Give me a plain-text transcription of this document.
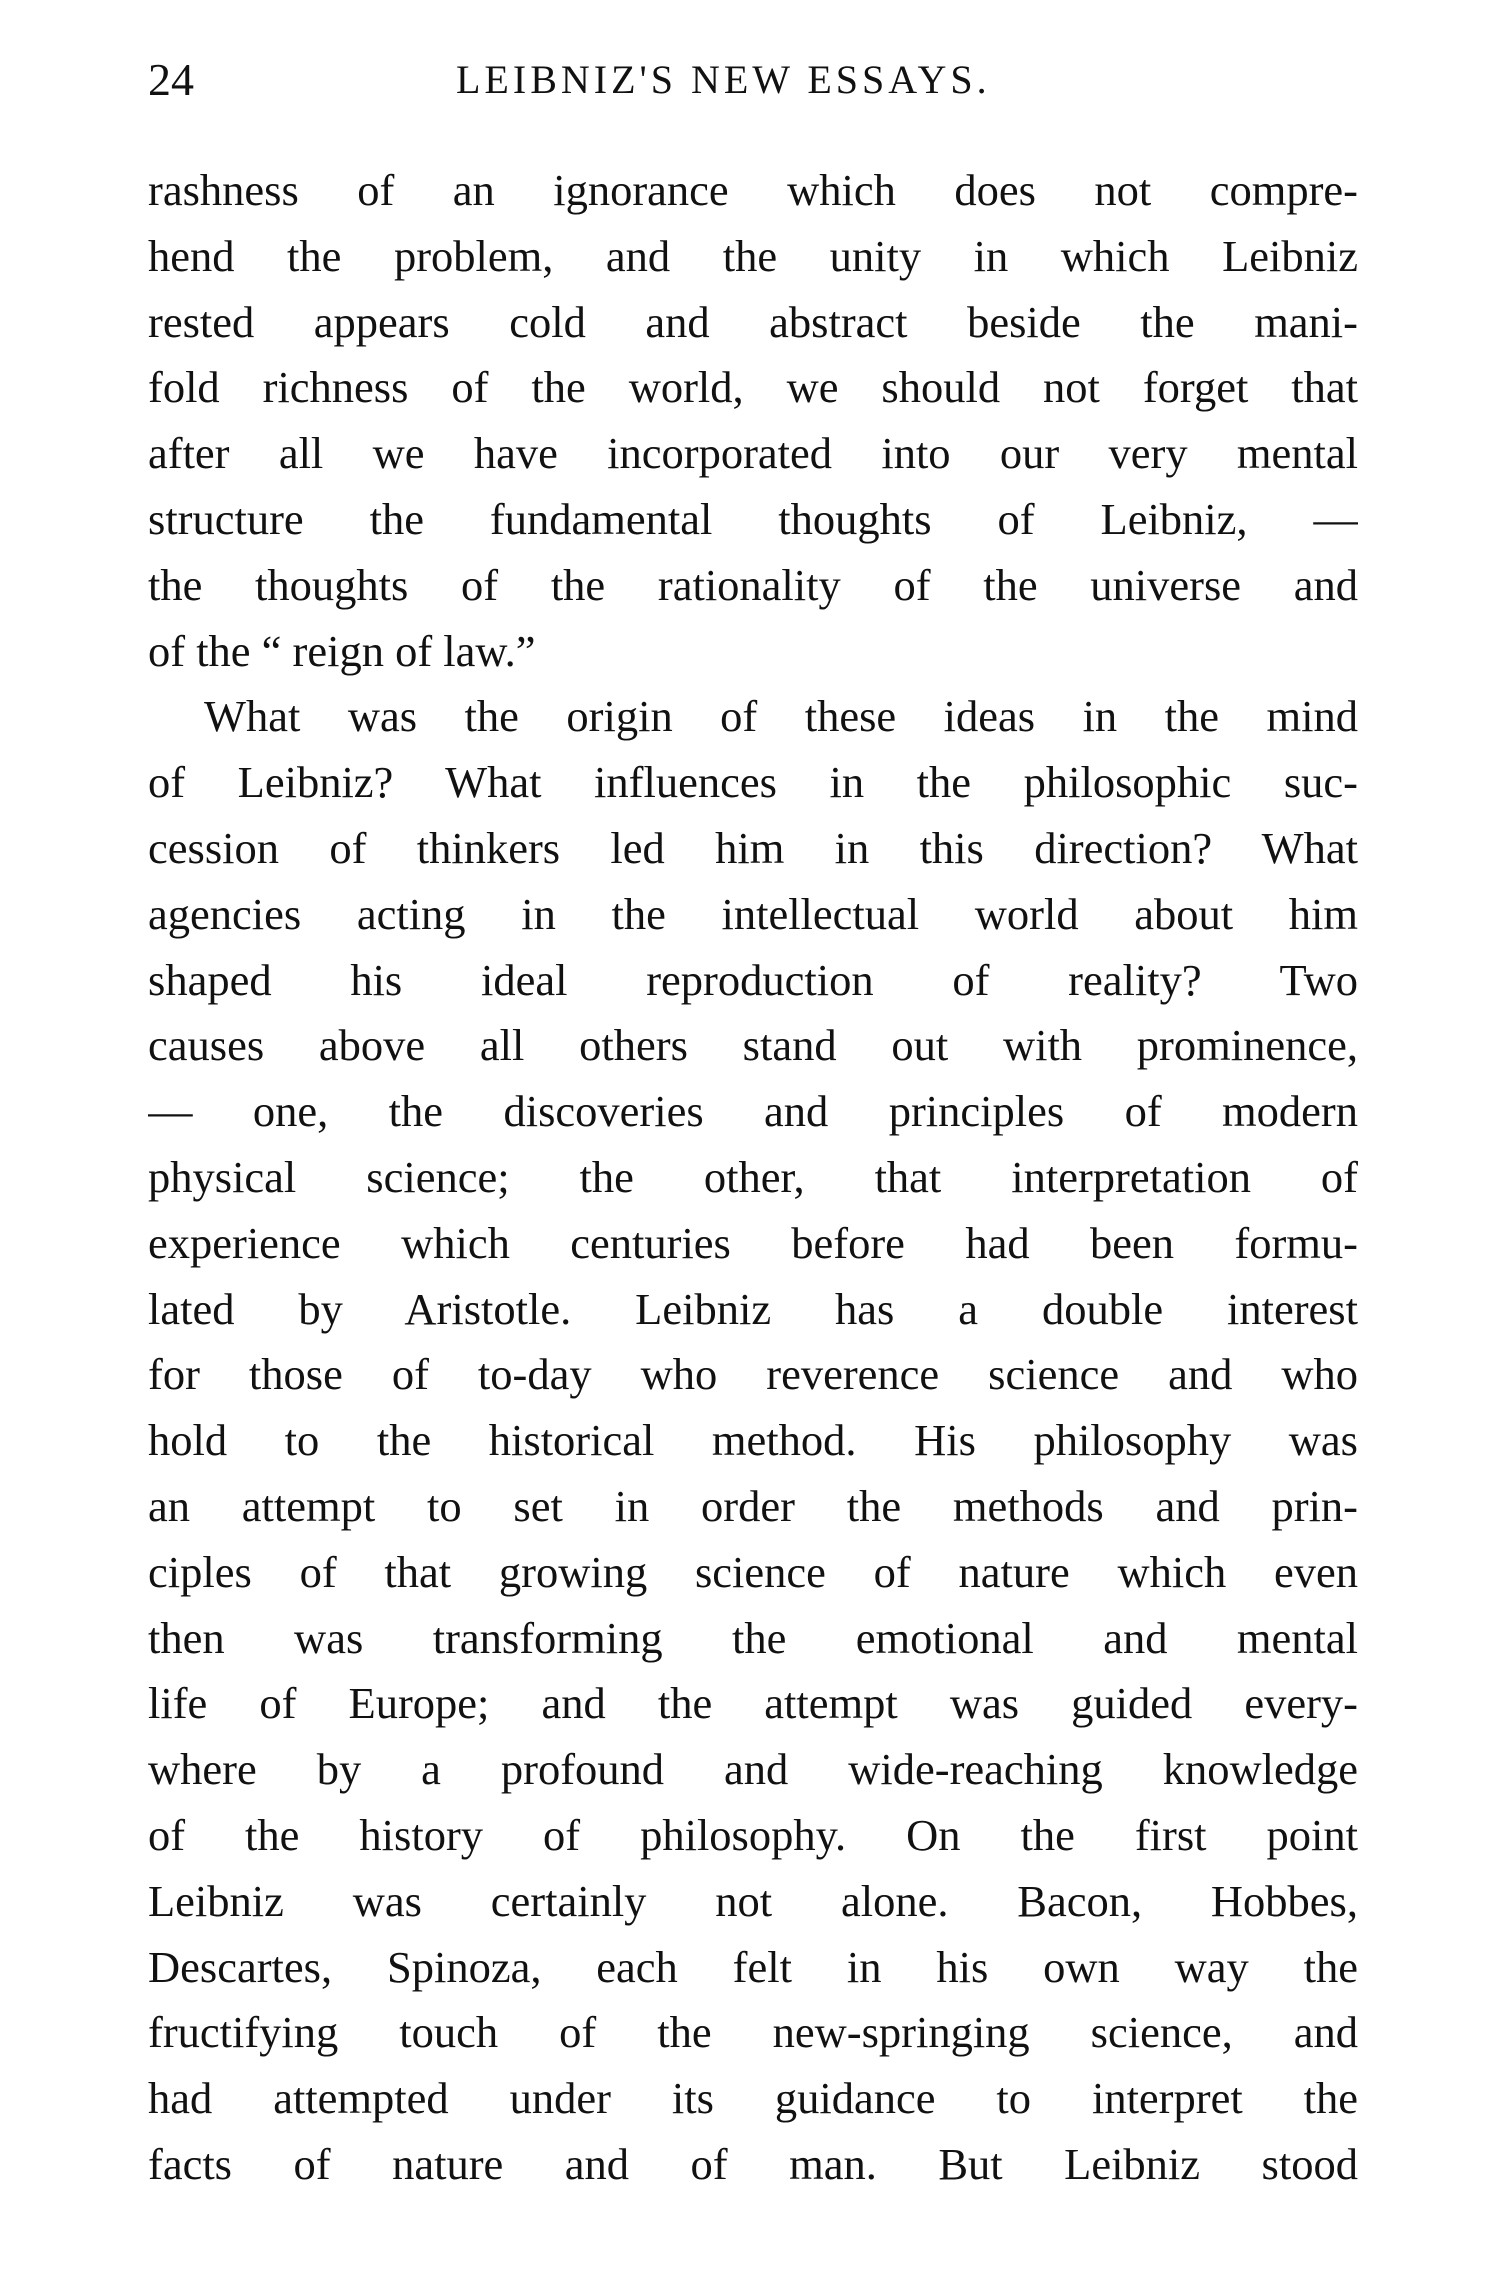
24	LEIBNIZ'S NEW ESSAYS.
rashness of an ignorance which does not compre-
hend the problem, and the unity in which Leibniz
rested appears cold and abstract beside the mani-
fold richness of the world, we should not forget that
after all we have incorporated into our very mental
structure the fundamental thoughts of Leibniz, —
the thoughts of the rationality of the universe and
of the “ reign of law.”
What was the origin of these ideas in the mind
of Leibniz? What influences in the philosophic suc-
cession of thinkers led him in this direction? What
agencies acting in the intellectual world about him
shaped his ideal reproduction of reality? Two
causes above all others stand out with prominence,
— one, the discoveries and principles of modern
physical science; the other, that interpretation of
experience which centuries before had been formu-
lated by Aristotle. Leibniz has a double interest
for those of to-day who reverence science and who
hold to the historical method. His philosophy was
an attempt to set in order the methods and prin-
ciples of that growing science of nature which even
then was transforming the emotional and mental
life of Europe; and the attempt was guided every-
where by a profound and wide-reaching knowledge
of the history of philosophy. On the first point
Leibniz was certainly not alone. Bacon, Hobbes,
Descartes, Spinoza, each felt in his own way the
fructifying touch of the new-springing science, and
had attempted under its guidance to interpret the
facts of nature and of man. But Leibniz stood
